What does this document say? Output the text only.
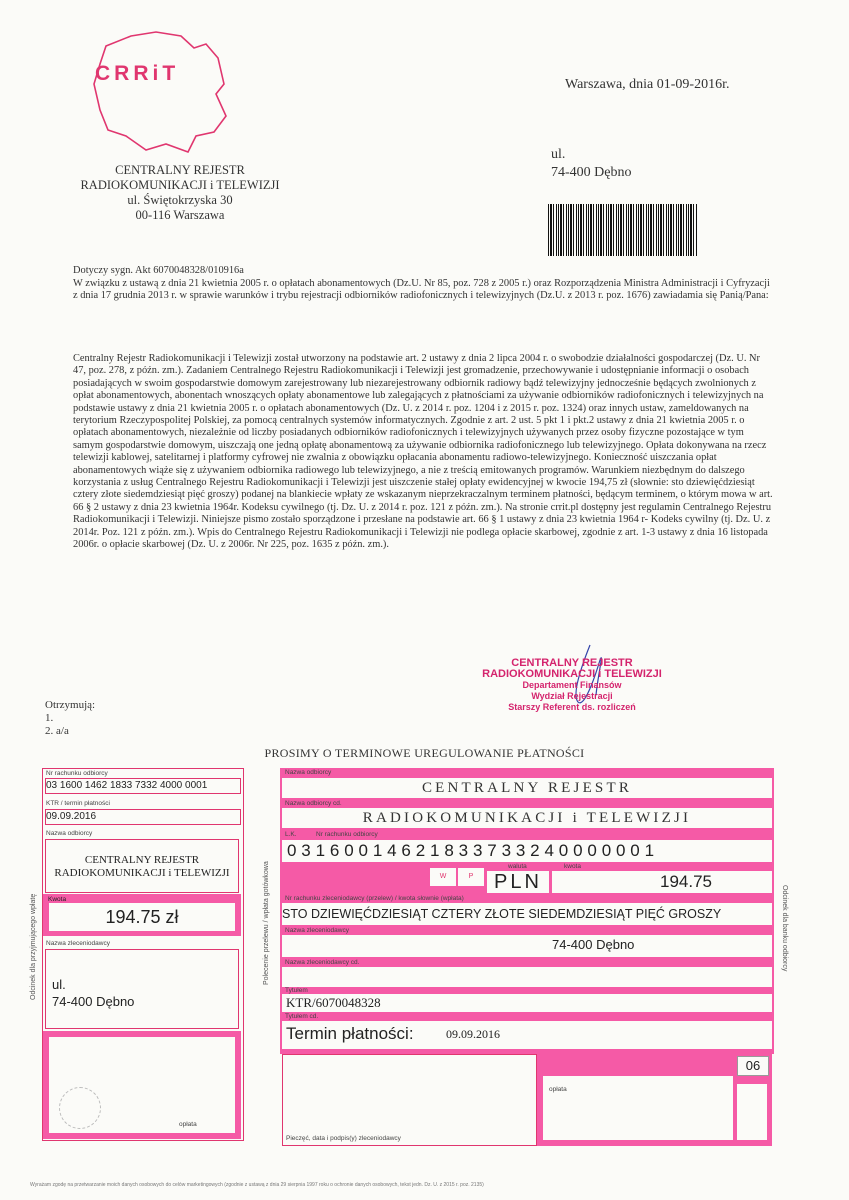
CRRiT
CENTRALNY REJESTR
RADIOKOMUNIKACJI i TELEWIZJI
ul. Świętokrzyska 30
00-116 Warszawa
Warszawa, dnia 01-09-2016r.
ul.
74-400 Dębno
Dotyczy sygn. Akt 6070048328/010916a
W związku z ustawą z dnia 21 kwietnia 2005 r. o opłatach abonamentowych (Dz.U. Nr 85, poz. 728 z 2005 r.) oraz Rozporządzenia Ministra Administracji i Cyfryzacji z dnia 17 grudnia 2013 r. w sprawie warunków i trybu rejestracji odbiorników radiofonicznych i telewizyjnych (Dz.U. z 2013 r. poz. 1676) zawiadamia się Panią/Pana:
Centralny Rejestr Radiokomunikacji i Telewizji został utworzony na podstawie art. 2 ustawy z dnia 2 lipca 2004 r. o swobodzie działalności gospodarczej (Dz. U. Nr 47, poz. 278, z późn. zm.). Zadaniem Centralnego Rejestru Radiokomunikacji i Telewizji jest gromadzenie, przechowywanie i udostępnianie informacji o osobach posiadających w swoim gospodarstwie domowym zarejestrowany lub niezarejestrowany odbiornik radiowy bądź telewizyjny jednocześnie będących zwolnionych z opłat abonamentowych, abonentach wnoszących opłaty abonamentowe lub zalegających z płatnościami za używanie odbiorników radiofonicznych i telewizyjnych na podstawie ustawy z dnia 21 kwietnia 2005 r. o opłatach abonamentowych (Dz. U. z 2014 r. poz. 1204 i z 2015 r. poz. 1324) oraz innych ustaw, zameldowanych na terytorium Rzeczypospolitej Polskiej, za pomocą centralnych systemów informatycznych. Zgodnie z art. 2 ust. 5 pkt 1 i pkt.2 ustawy z dnia 21 kwietnia 2005 r. o opłatach abonamentowych, niezależnie od liczby posiadanych odbiorników radiofonicznych i telewizyjnych używanych przez osoby fizyczne pozostające w tym samym gospodarstwie domowym, uiszczają one jedną opłatę abonamentową za używanie odbiornika radiofonicznego lub telewizyjnego. Opłata dokonywana na rzecz telewizji kablowej, satelitarnej i platformy cyfrowej nie zwalnia z obowiązku opłacania abonamentu radiowo-telewizyjnego. Konieczność uiszczania opłat abonamentowych wiąże się z używaniem odbiornika radiowego lub telewizyjnego, a nie z treścią emitowanych programów. Warunkiem niezbędnym do dalszego korzystania z usług Centralnego Rejestru Radiokomunikacji i Telewizji jest uiszczenie stałej opłaty ewidencyjnej w kwocie 194,75 zł (słownie: sto dziewięćdziesiąt cztery złote siedemdziesiąt pięć groszy) podanej na blankiecie wpłaty ze wskazanym nieprzekraczalnym terminem płatności, będącym terminem, o którym mowa w art. 66 § 2 ustawy z dnia 23 kwietnia 1964r. Kodeksu cywilnego (tj. Dz. U. z 2014 r. poz. 121 z późn. zm.). Na stronie crrit.pl dostępny jest regulamin Centralnego Rejestru Radiokomunikacji i Telewizji. Niniejsze pismo zostało sporządzone i przesłane na podstawie art. 66 § 1 ustawy z dnia 23 kwietnia 1964 r- Kodeks cywilny (tj. Dz. U. z 2014r. Poz. 121 z późn. zm.). Wpis do Centralnego Rejestru Radiokomunikacji i Telewizji nie podlega opłacie skarbowej, zgodnie z art. 1-3 ustawy z dnia 16 listopada 2006r. o opłacie skarbowej (Dz. U. z 2006r. Nr 225, poz. 1635 z późn. zm.).
CENTRALNY REJESTR
RADIOKOMUNIKACJI i TELEWIZJI
Departament Finansów
Wydział Rejestracji
Starszy Referent ds. rozliczeń
Otrzymują:
1.
2. a/a
PROSIMY O TERMINOWE UREGULOWANIE PŁATNOŚCI
Nr rachunku odbiorcy
03 1600 1462 1833 7332 4000 0001
KTR / termin płatności
09.09.2016
Nazwa odbiorcy
CENTRALNY REJESTR
RADIOKOMUNIKACJI i TELEWIZJI
Kwota
194.75 zł
Nazwa zleceniodawcy
ul.
74-400 Dębno
opłata
Odcinek dla przyjmującego wpłatę	Polecenie przelewu / wpłata gotówkowa	Odcinek dla banku odbiorcy
Nazwa odbiorcy
CENTRALNY REJESTR
Nazwa odbiorcy cd.
RADIOKOMUNIKACJI i TELEWIZJI
L.K.	Nr rachunku odbiorcy
03160014621833733240000001
W	P
waluta
PLN
kwota
194.75
Nr rachunku zleceniodawcy (przelew) / kwota słownie (wpłata)
STO DZIEWIĘĆDZIESIĄT CZTERY ZŁOTE SIEDEMDZIESIĄT PIĘĆ GROSZY
Nazwa zleceniodawcy
74-400 Dębno
Nazwa zleceniodawcy cd.
Tytułem
KTR/6070048328
Tytułem cd.
Termin płatności:	09.09.2016
Pieczęć, data i podpis(y) zleceniodawcy
opłata
06
Wyrażam zgodę na przetwarzanie moich danych osobowych do celów marketingowych (zgodnie z ustawą z dnia 29 sierpnia 1997 roku o ochronie danych osobowych, tekst jedn. Dz. U. z 2015 r. poz. 2135)
